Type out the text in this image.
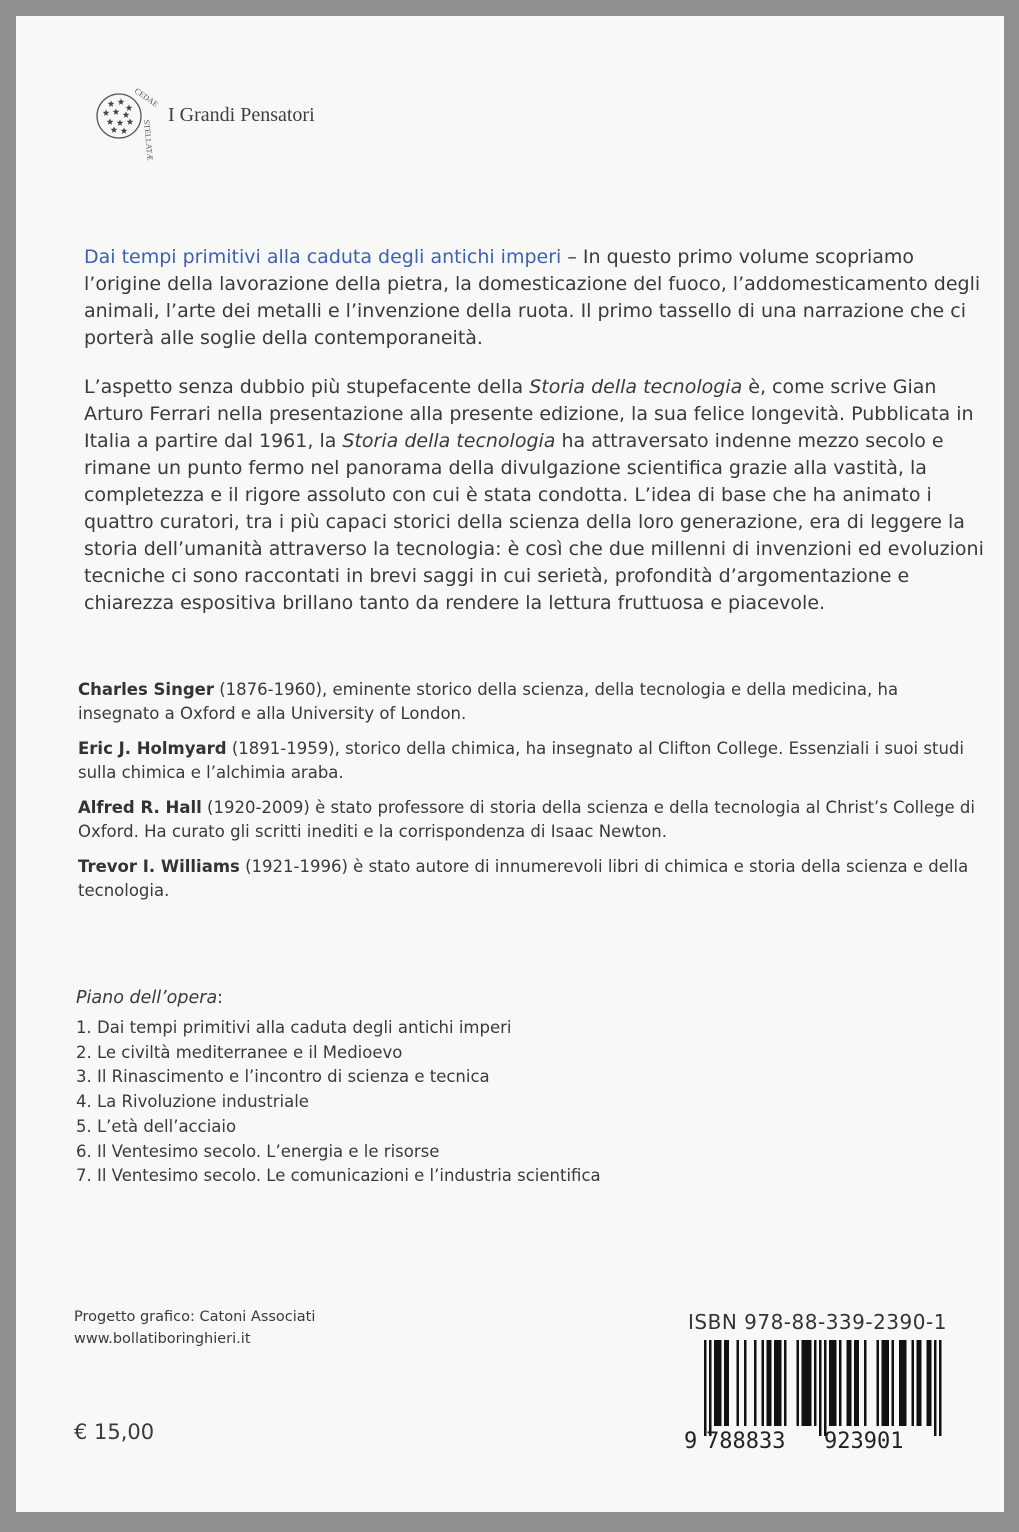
CEDAE
STELLATÆ
I Grandi Pensatori

Dai tempi primitivi alla caduta degli antichi imperi – In questo primo volume scopriamo l’origine della lavorazione della pietra, la domesticazione del fuoco, l’addomesticamento degli animali, l’arte dei metalli e l’invenzione della ruota. Il primo tassello di una narrazione che ci porterà alle soglie della contemporaneità.

L’aspetto senza dubbio più stupefacente della Storia della tecnologia è, come scrive Gian Arturo Ferrari nella presentazione alla presente edizione, la sua felice longevità. Pubblicata in Italia a partire dal 1961, la Storia della tecnologia ha attraversato indenne mezzo secolo e rimane un punto fermo nel panorama della divulgazione scientifica grazie alla vastità, la completezza e il rigore assoluto con cui è stata condotta. L’idea di base che ha animato i quattro curatori, tra i più capaci storici della scienza della loro generazione, era di leggere la storia dell’umanità attraverso la tecnologia: è così che due millenni di invenzioni ed evoluzioni tecniche ci sono raccontati in brevi saggi in cui serietà, profondità d’argomentazione e chiarezza espositiva brillano tanto da rendere la lettura fruttuosa e piacevole.

Charles Singer (1876-1960), eminente storico della scienza, della tecnologia e della medicina, ha insegnato a Oxford e alla University of London.

Eric J. Holmyard (1891-1959), storico della chimica, ha insegnato al Clifton College. Essenziali i suoi studi sulla chimica e l’alchimia araba.

Alfred R. Hall (1920-2009) è stato professore di storia della scienza e della tecnologia al Christ’s College di Oxford. Ha curato gli scritti inediti e la corrispondenza di Isaac Newton.

Trevor I. Williams (1921-1996) è stato autore di innumerevoli libri di chimica e storia della scienza e della tecnologia.

Piano dell’opera:

1. Dai tempi primitivi alla caduta degli antichi imperi
2. Le civiltà mediterranee e il Medioevo
3. Il Rinascimento e l’incontro di scienza e tecnica
4. La Rivoluzione industriale
5. L’età dell’acciaio
6. Il Ventesimo secolo. L’energia e le risorse
7. Il Ventesimo secolo. Le comunicazioni e l’industria scientifica
Progetto grafico: Catoni Associati
www.bollatiboringhieri.it
€ 15,00
ISBN 978-88-339-2390-1
9 788833 923901
